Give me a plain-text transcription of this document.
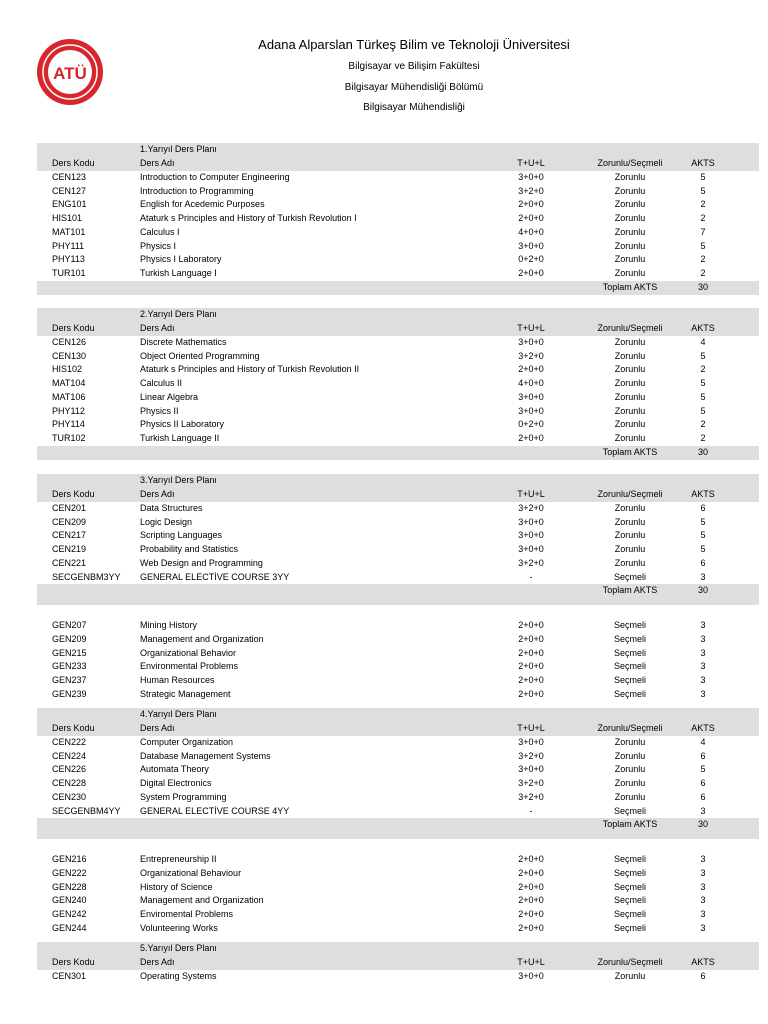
ATÜ
Adana Alparslan Türkeş Bilim ve Teknoloji Üniversitesi
Bilgisayar ve Bilişim Fakültesi
Bilgisayar Mühendisliği Bölümü
Bilgisayar Mühendisliği
1.Yarıyıl Ders Planı
Ders Kodu	Ders Adı	T+U+L	Zorunlu/Seçmeli	AKTS
CEN123	Introduction to Computer Engineering	3+0+0	Zorunlu	5
CEN127	Introduction to Programming	3+2+0	Zorunlu	5
ENG101	English for Acedemic Purposes	2+0+0	Zorunlu	2
HIS101	Ataturk s Principles and History of Turkish Revolution I	2+0+0	Zorunlu	2
MAT101	Calculus I	4+0+0	Zorunlu	7
PHY111	Physics I	3+0+0	Zorunlu	5
PHY113	Physics I Laboratory	0+2+0	Zorunlu	2
TUR101	Turkish Language I	2+0+0	Zorunlu	2
Toplam AKTS	30
2.Yarıyıl Ders Planı
Ders Kodu	Ders Adı	T+U+L	Zorunlu/Seçmeli	AKTS
CEN126	Discrete Mathematics	3+0+0	Zorunlu	4
CEN130	Object Oriented Programming	3+2+0	Zorunlu	5
HIS102	Ataturk s Principles and History of Turkish Revolution II	2+0+0	Zorunlu	2
MAT104	Calculus II	4+0+0	Zorunlu	5
MAT106	Linear Algebra	3+0+0	Zorunlu	5
PHY112	Physics II	3+0+0	Zorunlu	5
PHY114	Physics II Laboratory	0+2+0	Zorunlu	2
TUR102	Turkish Language II	2+0+0	Zorunlu	2
Toplam AKTS	30
3.Yarıyıl Ders Planı
Ders Kodu	Ders Adı	T+U+L	Zorunlu/Seçmeli	AKTS
CEN201	Data Structures	3+2+0	Zorunlu	6
CEN209	Logic Design	3+0+0	Zorunlu	5
CEN217	Scripting Languages	3+0+0	Zorunlu	5
CEN219	Probability and Statistics	3+0+0	Zorunlu	5
CEN221	Web Design and Programming	3+2+0	Zorunlu	6
SECGENBM3YY GENERAL ELECTİVE COURSE 3YY	-	Seçmeli	3
Toplam AKTS	30
GEN207	Mining History	2+0+0	Seçmeli	3
GEN209	Management and Organization	2+0+0	Seçmeli	3
GEN215	Organizational Behavior	2+0+0	Seçmeli	3
GEN233	Environmental Problems	2+0+0	Seçmeli	3
GEN237	Human Resources	2+0+0	Seçmeli	3
GEN239	Strategic Management	2+0+0	Seçmeli	3
4.Yarıyıl Ders Planı
Ders Kodu	Ders Adı	T+U+L	Zorunlu/Seçmeli	AKTS
CEN222	Computer Organization	3+0+0	Zorunlu	4
CEN224	Database Management Systems	3+2+0	Zorunlu	6
CEN226	Automata Theory	3+0+0	Zorunlu	5
CEN228	Digital Electronics	3+2+0	Zorunlu	6
CEN230	System Programming	3+2+0	Zorunlu	6
SECGENBM4YY GENERAL ELECTİVE COURSE 4YY	-	Seçmeli	3
Toplam AKTS	30
GEN216	Entrepreneurship II	2+0+0	Seçmeli	3
GEN222	Organizational Behaviour	2+0+0	Seçmeli	3
GEN228	History of Science	2+0+0	Seçmeli	3
GEN240	Management and Organization	2+0+0	Seçmeli	3
GEN242	Enviromental Problems	2+0+0	Seçmeli	3
GEN244	Volunteering Works	2+0+0	Seçmeli	3
5.Yarıyıl Ders Planı
Ders Kodu	Ders Adı	T+U+L	Zorunlu/Seçmeli	AKTS
CEN301	Operating Systems	3+0+0	Zorunlu	6
